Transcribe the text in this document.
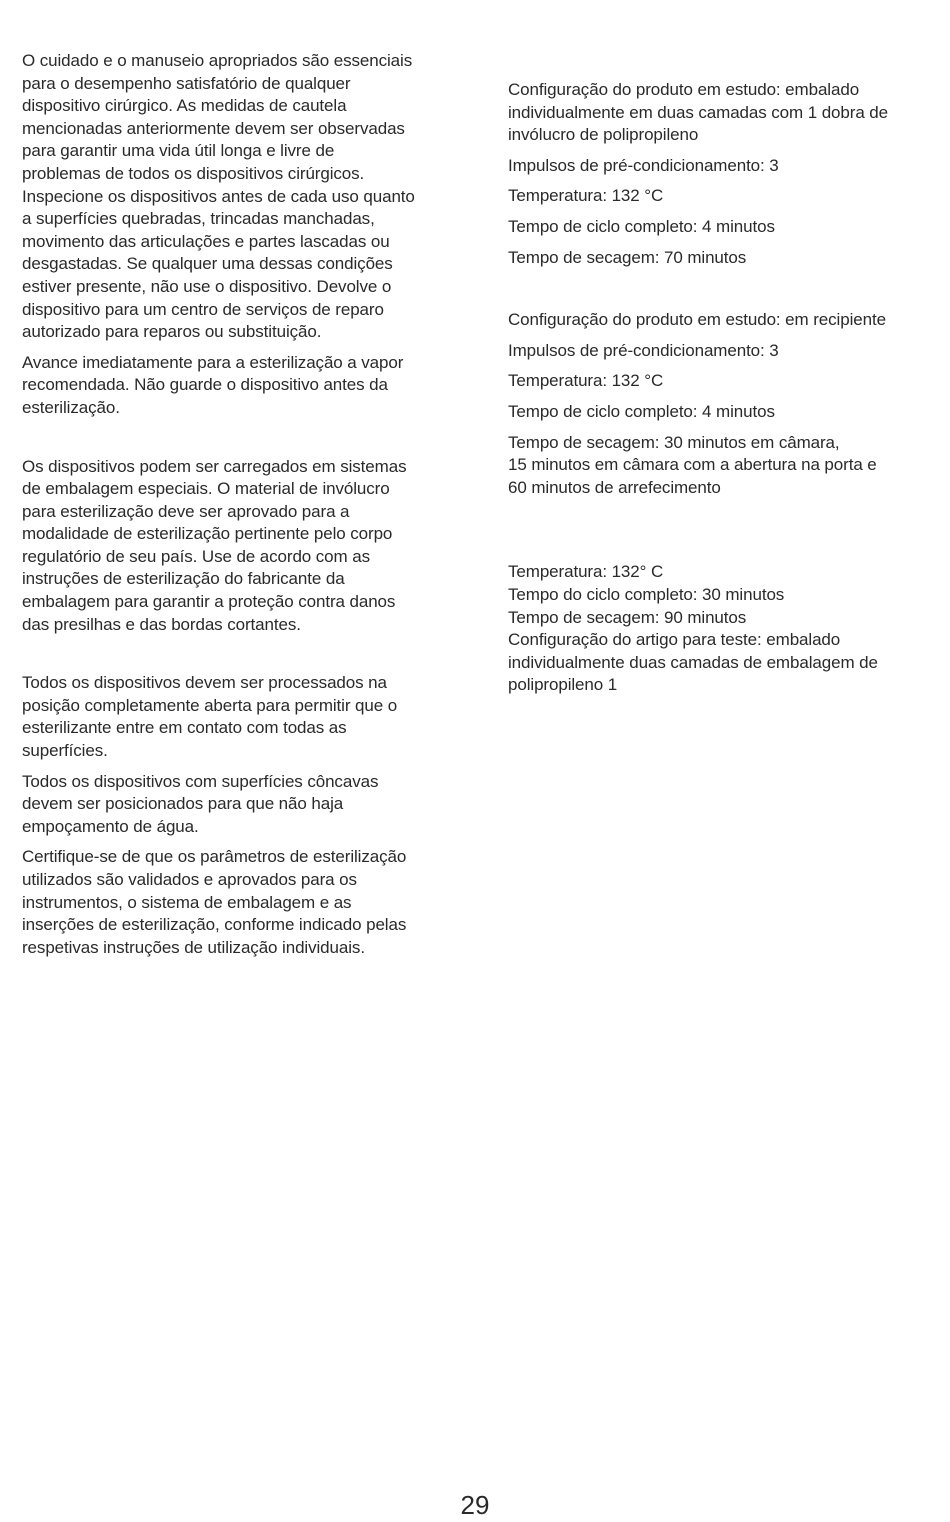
O cuidado e o manuseio apropriados são essenciais
para o desempenho satisfatório de qualquer
dispositivo cirúrgico. As medidas de cautela
mencionadas anteriormente devem ser observadas
para garantir uma vida útil longa e livre de
problemas de todos os dispositivos cirúrgicos.
Inspecione os dispositivos antes de cada uso quanto
a superfícies quebradas, trincadas manchadas,
movimento das articulações e partes lascadas ou
desgastadas. Se qualquer uma dessas condições
estiver presente, não use o dispositivo. Devolve o
dispositivo para um centro de serviços de reparo
autorizado para reparos ou substituição.

Avance imediatamente para a esterilização a vapor
recomendada. Não guarde o dispositivo antes da
esterilização.

Os dispositivos podem ser carregados em sistemas
de embalagem especiais. O material de invólucro
para esterilização deve ser aprovado para a
modalidade de esterilização pertinente pelo corpo
regulatório de seu país. Use de acordo com as
instruções de esterilização do fabricante da
embalagem para garantir a proteção contra danos
das presilhas e das bordas cortantes.

Todos os dispositivos devem ser processados na
posição completamente aberta para permitir que o
esterilizante entre em contato com todas as
superfícies.

Todos os dispositivos com superfícies côncavas
devem ser posicionados para que não haja
empoçamento de água.

Certifique-se de que os parâmetros de esterilização
utilizados são validados e aprovados para os
instrumentos, o sistema de embalagem e as
inserções de esterilização, conforme indicado pelas
respetivas instruções de utilização individuais.

Configuração do produto em estudo: embalado
individualmente em duas camadas com 1 dobra de
invólucro de polipropileno

Impulsos de pré-condicionamento: 3

Temperatura: 132 °C

Tempo de ciclo completo: 4 minutos

Tempo de secagem: 70 minutos

Configuração do produto em estudo: em recipiente

Impulsos de pré-condicionamento: 3

Temperatura: 132 °C

Tempo de ciclo completo: 4 minutos

Tempo de secagem: 30 minutos em câmara,
15 minutos em câmara com a abertura na porta e
60 minutos de arrefecimento

Temperatura: 132° C

Tempo do ciclo completo: 30 minutos

Tempo de secagem: 90 minutos

Configuração do artigo para teste: embalado
individualmente duas camadas de embalagem de
polipropileno 1

29
